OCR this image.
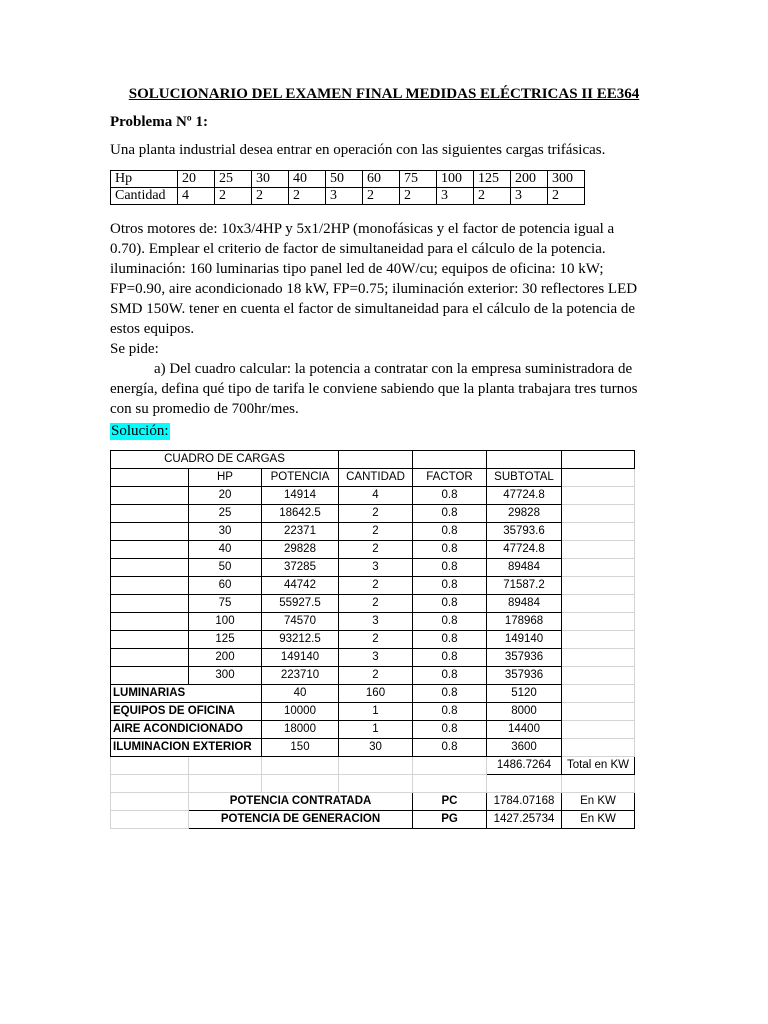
SOLUCIONARIO DEL EXAMEN FINAL MEDIDAS ELÉCTRICAS II EE364
Problema Nº 1:
Una planta industrial desea entrar en operación con las siguientes cargas trifásicas.
Hp	20	25	30	40	50	60	75	100	125	200	300
Cantidad	4	2	2	2	3	2	2	3	2	3	2
Otros motores de: 10x3/4HP y 5x1/2HP (monofásicas y el factor de potencia igual a
0.70). Emplear el criterio de factor de simultaneidad para el cálculo de la potencia.
iluminación: 160 luminarias tipo panel led de 40W/cu; equipos de oficina: 10 kW;
FP=0.90, aire acondicionado 18 kW, FP=0.75; iluminación exterior: 30 reflectores LED
SMD 150W. tener en cuenta el factor de simultaneidad para el cálculo de la potencia de
estos equipos.
Se pide:
a) Del cuadro calcular: la potencia a contratar con la empresa suministradora de
energía, defina qué tipo de tarifa le conviene sabiendo que la planta trabajara tres turnos
con su promedio de 700hr/mes.
Solución:
CUADRO DE CARGAS						
	HP	POTENCIA	CANTIDAD	FACTOR	SUBTOTAL	
	20	14914	4	0.8	47724.8	
	25	18642.5	2	0.8	29828	
	30	22371	2	0.8	35793.6	
	40	29828	2	0.8	47724.8	
	50	37285	3	0.8	89484	
	60	44742	2	0.8	71587.2	
	75	55927.5	2	0.8	89484	
	100	74570	3	0.8	178968	
	125	93212.5	2	0.8	149140	
	200	149140	3	0.8	357936	
	300	223710	2	0.8	357936	
LUMINARIAS		40	160	0.8	5120	
EQUIPOS DE OFICINA		10000	1	0.8	8000	
AIRE ACONDICIONADO		18000	1	0.8	14400	
ILUMINACION EXTERIOR		150	30	0.8	3600	
					1486.7264	Total en KW

	POTENCIA CONTRATADA			PC	1784.07168	En KW
	POTENCIA DE GENERACION			PG	1427.25734	En KW
